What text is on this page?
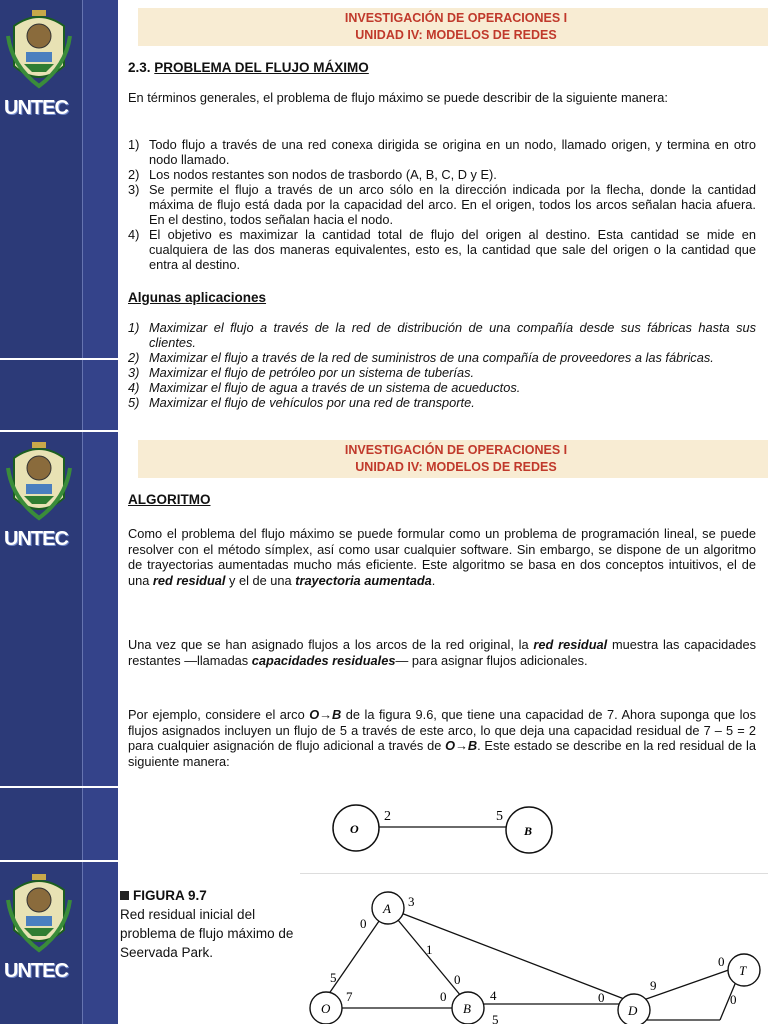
UNTEC
UNTEC
UNTEC
INVESTIGACIÓN DE OPERACIONES I
UNIDAD IV: MODELOS DE REDES
2.3. PROBLEMA DEL FLUJO MÁXIMO
En términos generales, el problema de flujo máximo se puede describir de la siguiente manera:
1) Todo flujo a través de una red conexa dirigida se origina en un nodo, llamado origen, y termina en otro nodo llamado.
2) Los nodos restantes son nodos de trasbordo (A, B, C, D y E).
3) Se permite el flujo a través de un arco sólo en la dirección indicada por la flecha, donde la cantidad máxima de flujo está dada por la capacidad del arco. En el origen, todos los arcos señalan hacia afuera. En el destino, todos señalan hacia el nodo.
4) El objetivo es maximizar la cantidad total de flujo del origen al destino. Esta cantidad se mide en cualquiera de las dos maneras equivalentes, esto es, la cantidad que sale del origen o la cantidad que entra al destino.
Algunas aplicaciones
1) Maximizar el flujo a través de la red de distribución de una compañía desde sus fábricas hasta sus clientes.
2) Maximizar el flujo a través de la red de suministros de una compañía de proveedores a las fábricas.
3) Maximizar el flujo de petróleo por un sistema de tuberías.
4) Maximizar el flujo de agua a través de un sistema de acueductos.
5) Maximizar el flujo de vehículos por una red de transporte.
INVESTIGACIÓN DE OPERACIONES I
UNIDAD IV: MODELOS DE REDES
ALGORITMO
Como el problema del flujo máximo se puede formular como un problema de programación lineal, se puede resolver con el método símplex, así como usar cualquier software. Sin embargo, se dispone de un algoritmo de trayectorias aumentadas mucho más eficiente. Este algoritmo se basa en dos conceptos intuitivos, el de una red residual y el de una trayectoria aumentada.
Una vez que se han asignado flujos a los arcos de la red original, la red residual muestra las capacidades restantes —llamadas capacidades residuales— para asignar flujos adicionales.
Por ejemplo, considere el arco O→B de la figura 9.6, que tiene una capacidad de 7. Ahora suponga que los flujos asignados incluyen un flujo de 5 a través de este arco, lo que deja una capacidad residual de 7 – 5 = 2 para cualquier asignación de flujo adicional a través de O→B. Este estado se describe en la red residual de la siguiente manera:
O	B
2	5
FIGURA 9.7
Red residual inicial del problema de flujo máximo de Seervada Park.
A
O	B	D
T
3
0
1
0
5
7	0	4
5
0
9
0
0
